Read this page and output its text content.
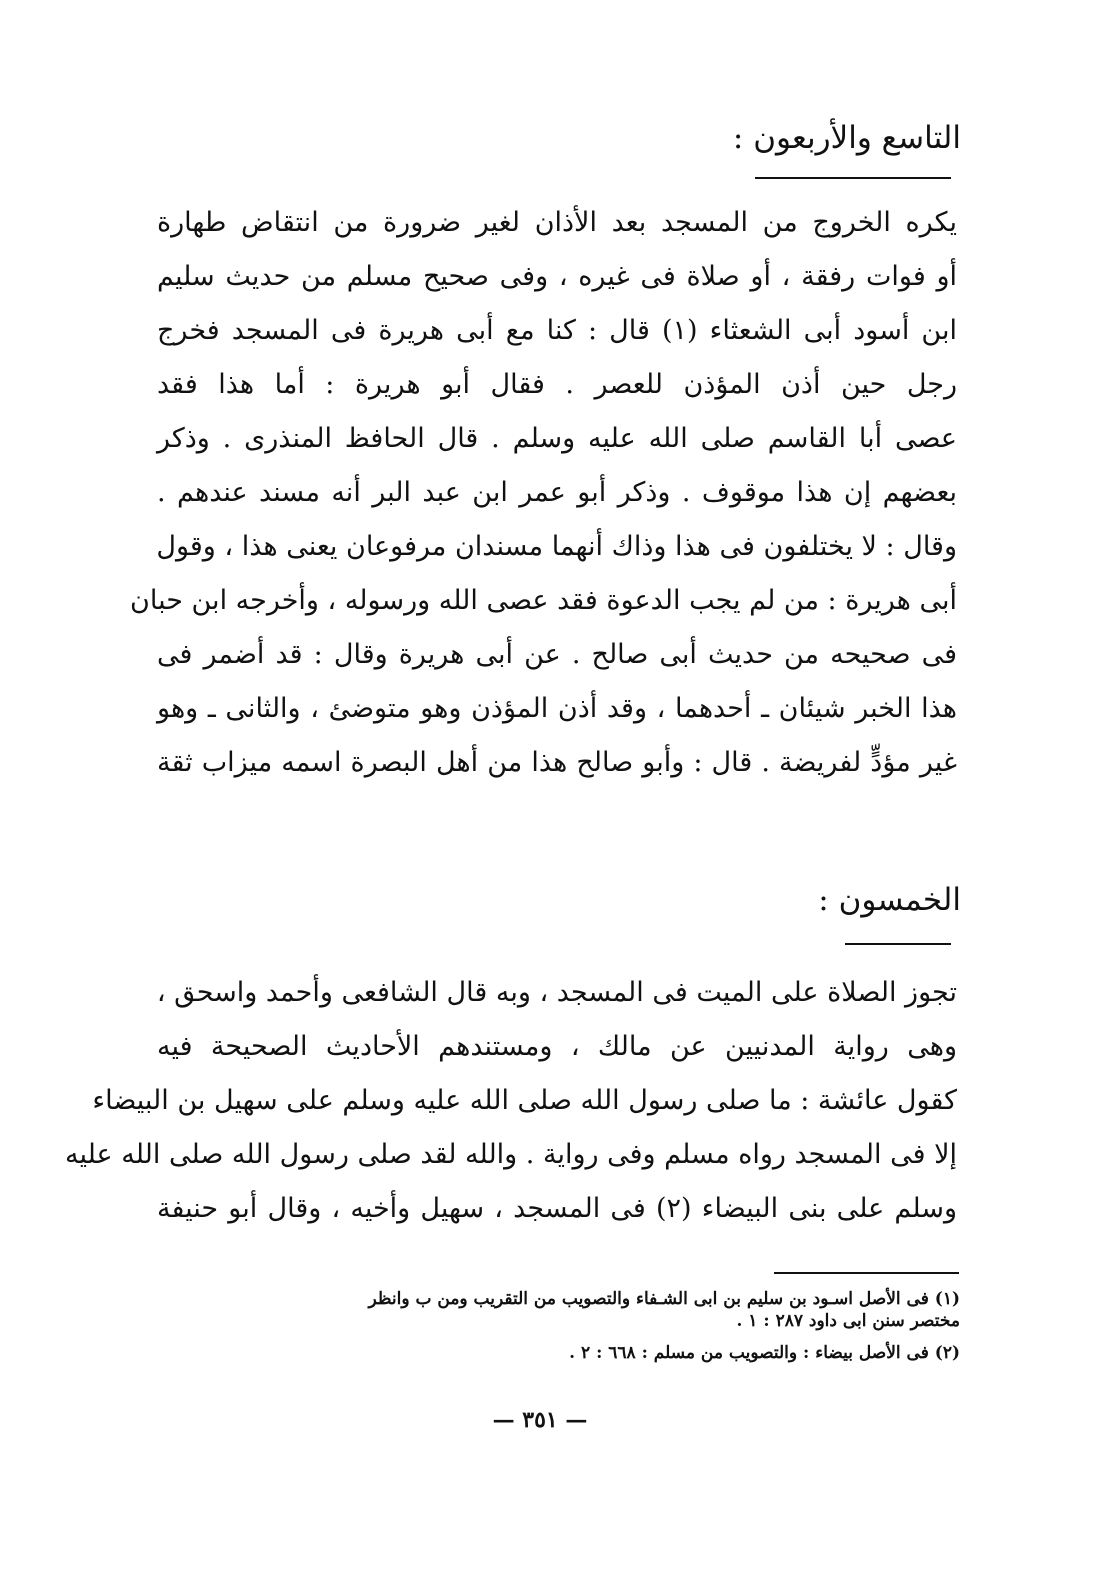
التاسع والأربعون :
يكره الخروج من المسجد بعد الأذان لغير ضرورة من انتقاض طهارة
أو فوات رفقة ، أو صلاة فى غيره ، وفى صحيح مسلم من حديث سليم
ابن أسود أبى الشعثاء (١) قال : كنا مع أبى هريرة فى المسجد فخرج
رجل حين أذن المؤذن للعصر . فقال أبو هريرة : أما هذا فقد
عصى أبا القاسم صلى الله عليه وسلم . قال الحافظ المنذرى . وذكر
بعضهم إن هذا موقوف . وذكر أبو عمر ابن عبد البر أنه مسند عندهم .
وقال : لا يختلفون فى هذا وذاك أنهما مسندان مرفوعان يعنى هذا ، وقول
أبى هريرة : من لم يجب الدعوة فقد عصى الله ورسوله ، وأخرجه ابن حبان
فى صحيحه من حديث أبى صالح . عن أبى هريرة وقال : قد أضمر فى
هذا الخبر شيئان ـ أحدهما ، وقد أذن المؤذن وهو متوضئ ، والثانى ـ وهو
غير مؤدٍّ لفريضة . قال : وأبو صالح هذا من أهل البصرة اسمه ميزاب ثقة
الخمسون :
تجوز الصلاة على الميت فى المسجد ، وبه قال الشافعى وأحمد واسحق ،
وهى رواية المدنيين عن مالك ، ومستندهم الأحاديث الصحيحة فيه
كقول عائشة : ما صلى رسول الله صلى الله عليه وسلم على سهيل بن البيضاء
إلا فى المسجد رواه مسلم وفى رواية . والله لقد صلى رسول الله صلى الله عليه
وسلم على بنى البيضاء (٢) فى المسجد ، سهيل وأخيه ، وقال أبو حنيفة
(١) فى الأصل اسـود بن سليم بن ابى الشـفاء والتصويب من التقريب ومن ب وانظر
مختصر سنن ابى داود ٢٨٧ : ١ .
(٢) فى الأصل بيضاء : والتصويب من مسلم : ٦٦٨ : ٢ .
— ٣٥١ —
